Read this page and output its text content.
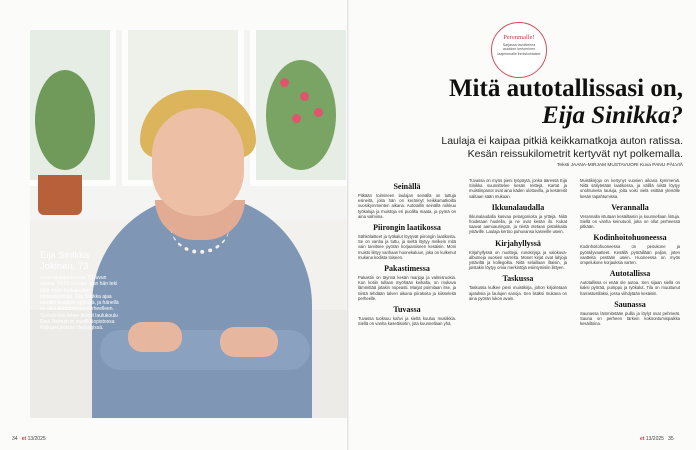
Eija Sinikka Jokinen, 73

asuin laulajanuransa 70-luvun alussa. Yli 50 vuoden ajan hän teki töitä myös laulukoulun toimintajohtaja. Eija Sinikka ajaa etenkin kesäisin pyörällä, ja hänellä on ollut autottomuus perheelleen. Työssä hän tekee tiiviisti laulukoulu Raul Reiman in musiikkiopistossa Kulkuneuvoissa Helsingissä.

Perenmalle!
Sarjassa tavoitteena asioiden kertominen laajemmalle ihmiskohtaiset

Mitä autotallissasi on,

Eija Sinikka?

Laulaja ei kaipaa pitkiä keikkamatkoja auton ratissa.
Kesän reissukilometrit kertyvät nyt polkemalla.
Teksti JAANA-MIRJAM MUSTAVUORI Kuva PANU PÄLVIÄ
Seinällä

Pitkään toimineen laulajan seinällä on tuttuja esineitä, joita hän on kerännyt keikkamatkoilta vuosikymmenten aikana. Autotallin seinällä roikkuu työkaluja ja muistoja eri puolilta maata, ja pyörä on aina valmiina.

Piirongin laatikossa

Sähkölaitteet ja työkalut löytyvät piirongin laatikosta. Se on vanha ja tuttu, ja sieltä löytyy melkein mitä vain tarvitsee pyörän korjaamiseen kesäisin. Moni muisto liittyy vanhaan huonekaluun, joka on kulkenut mukana kodista toiseen.

Pakastimessa

Pakastin on täynnä kesän marjoja ja valmisruokia. Kun kotiin tullaan myöhään keikalta, on mukava lämmittää jotakin nopeasti. Marjat poimitaan itse, ja niistä tehdään talven aikana piirakoita ja kiisseleitä perheelle.

Tuvassa

Tuvassa tuoksuu kahvi ja sieltä kuuluu musiikkia. Siellä on vanha kasettisoitin, jota kuunnellaan yhä.

Tuvassa on myös pieni työpöytä, jonka ääressä Eija Sinikka suunnittelee kesän reittejä. Kartat ja muistiinpanot ovat aina käden ulottuvilla, ja kesäreitit valitaan sään mukaan.

Ikkunalaudalla

Ikkunalaudalla kasvaa pelargonioita ja yrttejä. Niitä hoidetaan huolella, ja ne ovat kesän ilo. Kukat saavat aamuauringon, ja niistä otetaan pistokkaita ystäville. Laulaja kertoo puhuvansa kasveille usein.

Kirjahyllyssä

Kirjahyllyssä on nuotteja, runokirjoja ja valokuva-albumeja vuosien varrelta. Monet kirjat ovat lahjoja ystäviltä ja kollegoilta. Niitä selaillaan iltaisin, ja joistakin löytyy omia merkintöjä esiintymisiin liittyen.

Taskussa

Taskussa kulkee pieni muistikirja, johon kirjoitetaan ajatuksia ja laulujen sanoja. Sen lisäksi mukana on aina pyörän lukon avain.

Muistikirjoja on kertynyt vuosien aikana kymmeniä. Niitä säilytetään laatikossa, ja välillä niistä löytyy unohtuneita lauluja, joita voisi vielä esittää yleisölle kesän tapahtumissa.

Verannalla

Verannalla istutaan kesäiltaisin ja kuunnellaan lintuja. Siellä on vanha keinutuoli, joka on ollut perheessä pitkään.

Kodinhoitohuoneessa

Kodinhoitohuoneessa on pesukone ja pyöräilyvaatteet. Kesällä pyöräillään paljon, joten vaatteita pestään usein. Huoneessa on myös ompelukone korjauksia varten.

Autotallissa

Autotallissa ei enää ole autoa. Sen sijaan siellä on kaksi pyörää, pumppu ja työkalut. Tila on muuttunut harrastustilaksi, jossa viihdytään kesäisin.

Saunassa

Saunassa lämmitetään puilla ja löylyt ovat pehmeät. Sauna on perheen tärkein kokoontumispaikka kesäiltoina.

34 et 13/2025	et 13/2025 35
